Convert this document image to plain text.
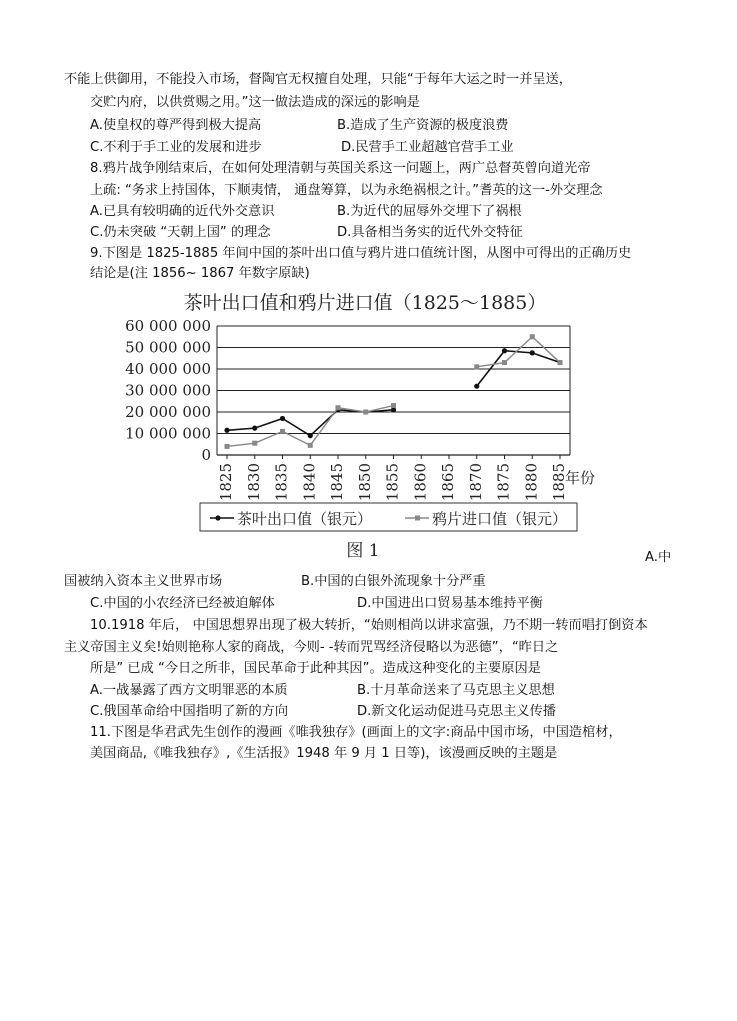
不能上供御用，不能投入市场，督陶官无权擅自处理，只能“于每年大运之时一并呈送，
交贮内府，以供赏赐之用。”这一做法造成的深远的影响是
A.使皇权的尊严得到极大提高	B.造成了生产资源的极度浪费
C.不利于手工业的发展和进步	D.民营手工业超越官营手工业
8.鸦片战争刚结束后，在如何处理清朝与英国关系这一问题上，两广总督英曾向道光帝
上疏: “务求上持国体，下顺夷情， 通盘筹算，以为永绝祸根之计。”耆英的这一-外交理念
A.已具有较明确的近代外交意识	B.为近代的屈辱外交埋下了祸根
C.仍未突破 “天朝上国” 的理念	D.具备相当务实的近代外交特征
9.下图是 1825-1885 年间中国的茶叶出口值与鸦片进口值统计图，从图中可得出的正确历史
结论是(注 1856~ 1867 年数字原缺)
茶叶出口值和鸦片进口值（1825～1885）
0
10 000 000
20 000 000
30 000 000
40 000 000
50 000 000
60 000 000
1825 1830 1835 1840 1845 1850 1855 1860 1865 1870 1875 1880 1885
年份
茶叶出口值（银元）	鸦片进口值（银元）
图 1	A.中
国被纳入资本主义世界市场	B.中国的白银外流现象十分严重
C.中国的小农经济已经被迫解体	D.中国进出口贸易基本维持平衡
10.1918 年后， 中国思想界出现了极大转折，“始则相尚以讲求富强，乃不期一转而唱打倒资本
主义帝国主义矣!始则艳称人家的商战，今则- -转而咒骂经济侵略以为恶德”，“昨日之
所是” 已成 “今日之所非，国民革命于此种其因”。造成这种变化的主要原因是
A.一战暴露了西方文明罪恶的本质	B.十月革命送来了马克思主义思想
C.俄国革命给中国指明了新的方向	D.新文化运动促进马克思主义传播
11.下图是华君武先生创作的漫画《唯我独存》(画面上的文字:商品中国市场，中国造棺材，
美国商品,《唯我独存》,《生活报》1948 年 9 月 1 日等)，该漫画反映的主题是
